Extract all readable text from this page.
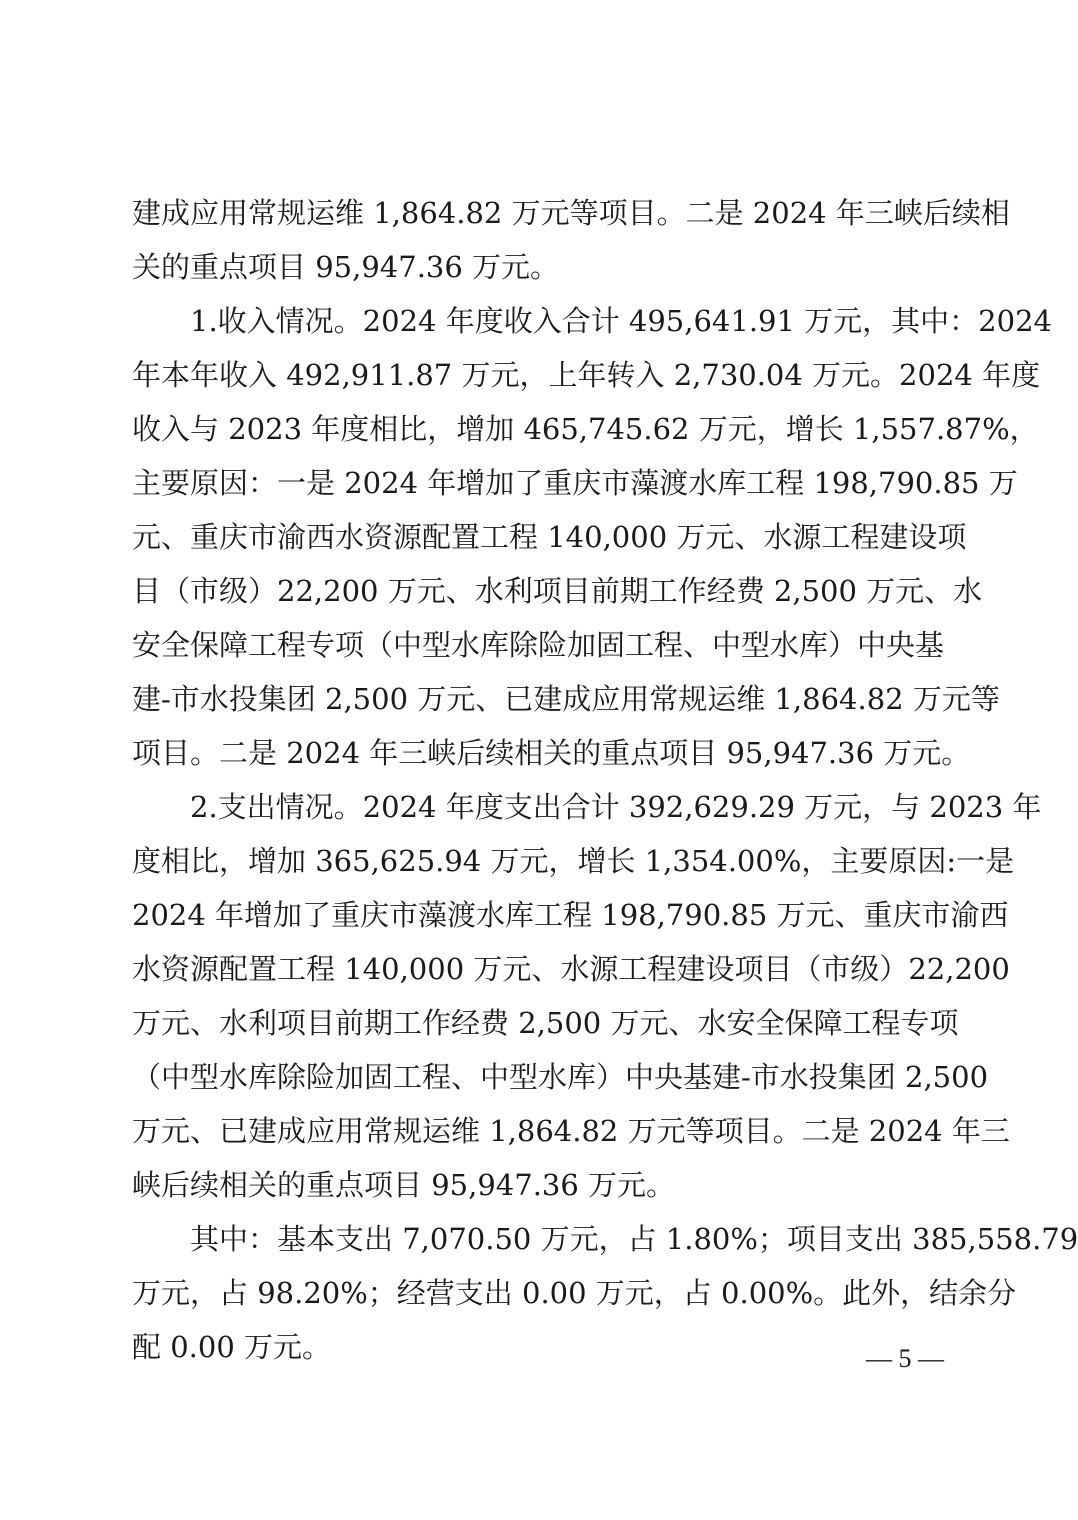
建成应用常规运维 1,864.82 万元等项目。二是 2024 年三峡后续相
关的重点项目 95,947.36 万元。
1.收入情况。2024 年度收入合计 495,641.91 万元，其中：2024
年本年收入 492,911.87 万元，上年转入 2,730.04 万元。2024 年度
收入与 2023 年度相比，增加 465,745.62 万元，增长 1,557.87%，
主要原因：一是 2024 年增加了重庆市藻渡水库工程 198,790.85 万
元、重庆市渝西水资源配置工程 140,000 万元、水源工程建设项
目（市级）22,200 万元、水利项目前期工作经费 2,500 万元、水
安全保障工程专项（中型水库除险加固工程、中型水库）中央基
建-市水投集团 2,500 万元、已建成应用常规运维 1,864.82 万元等
项目。二是 2024 年三峡后续相关的重点项目 95,947.36 万元。
2.支出情况。2024 年度支出合计 392,629.29 万元，与 2023 年
度相比，增加 365,625.94 万元，增长 1,354.00%，主要原因:一是
2024 年增加了重庆市藻渡水库工程 198,790.85 万元、重庆市渝西
水资源配置工程 140,000 万元、水源工程建设项目（市级）22,200
万元、水利项目前期工作经费 2,500 万元、水安全保障工程专项
（中型水库除险加固工程、中型水库）中央基建-市水投集团 2,500
万元、已建成应用常规运维 1,864.82 万元等项目。二是 2024 年三
峡后续相关的重点项目 95,947.36 万元。
其中：基本支出 7,070.50 万元，占 1.80%；项目支出 385,558.79
万元，占 98.20%；经营支出 0.00 万元，占 0.00%。此外，结余分
配 0.00 万元。	— 5 —
